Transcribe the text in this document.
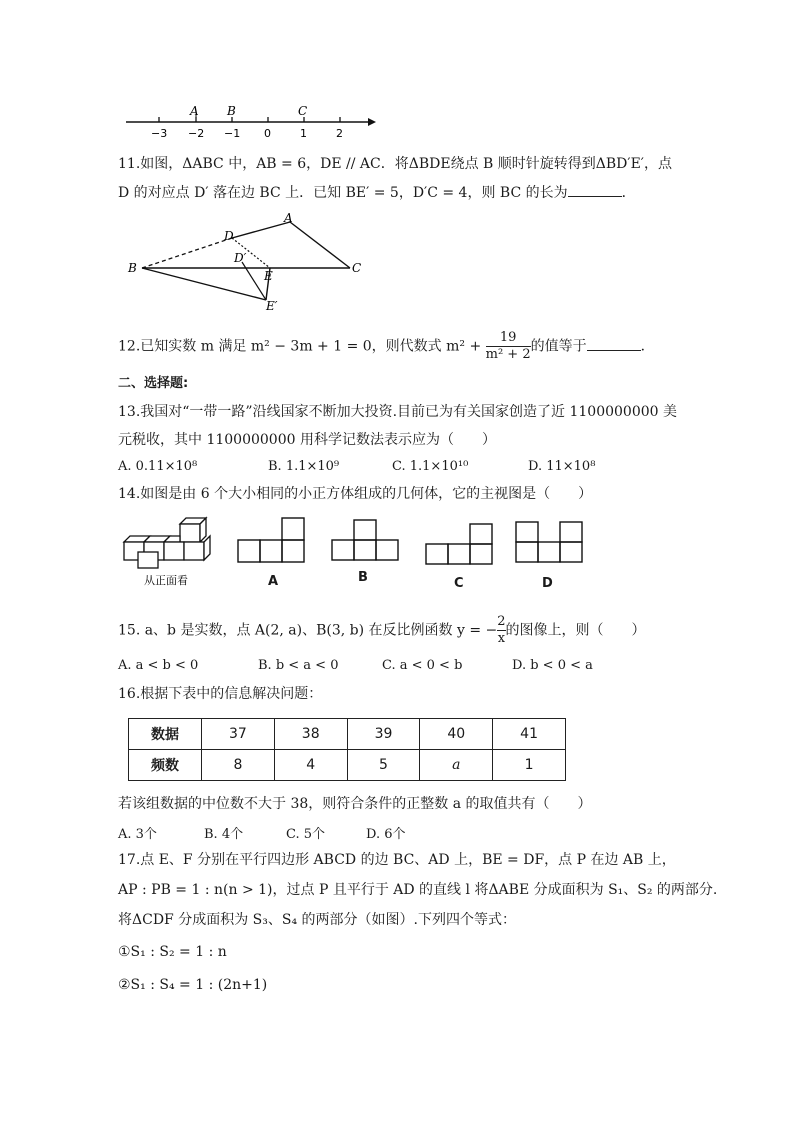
−3 −2 −1 0	1	2
A B	C
11.如图，ΔABC 中，AB = 6，DE // AC．将ΔBDE绕点 B 顺时针旋转得到ΔBD′E′，点
D 的对应点 D′ 落在边 BC 上．已知 BE′ = 5，D′C = 4，则 BC 的长为	．
A
B	C
D
D′
E
E′
12.已知实数 m 满足 m² − 3m + 1 = 0，则代数式 $m^2 + \frac{19}{\text{m² + 2}}$ 的值等于	．
二、选择题:
13.我国对“一带一路”沿线国家不断加大投资.目前已为有关国家创造了近 1100000000 美
元税收，其中 1100000000 用科学记数法表示应为（　　）
A. 0.11×10⁸	B. 1.1×10⁹	C. 1.1×10¹⁰	D. 11×10⁸
14.如图是由 6 个大小相同的小正方体组成的几何体，它的主视图是（　　）
从正面看	A	B	C	D
15. a、b 是实数，点 A(2, a)、B(3, b) 在反比例函数 y = − $\frac{2}{x}$ 的图像上，则（　　）
A. a < b < 0	B. b < a < 0	C. a < 0 < b	D. b < 0 < a
16.根据下表中的信息解决问题：
数据	37	38	39	40	41
频数	8	4	5	a	1
若该组数据的中位数不大于 38，则符合条件的正整数 a 的取值共有（　　）
A. 3个	B. 4个	C. 5个	D. 6个
17.点 E、F 分别在平行四边形 ABCD 的边 BC、AD 上，BE = DF，点 P 在边 AB 上，
AP : PB = 1 : n(n > 1)，过点 P 且平行于 AD 的直线 l 将ΔABE 分成面积为 S₁、S₂ 的两部分.
将ΔCDF 分成面积为 S₃、S₄ 的两部分（如图）.下列四个等式：
①S₁ : S₂ = 1 : n
②S₁ : S₄ = 1 : (2n+1)
